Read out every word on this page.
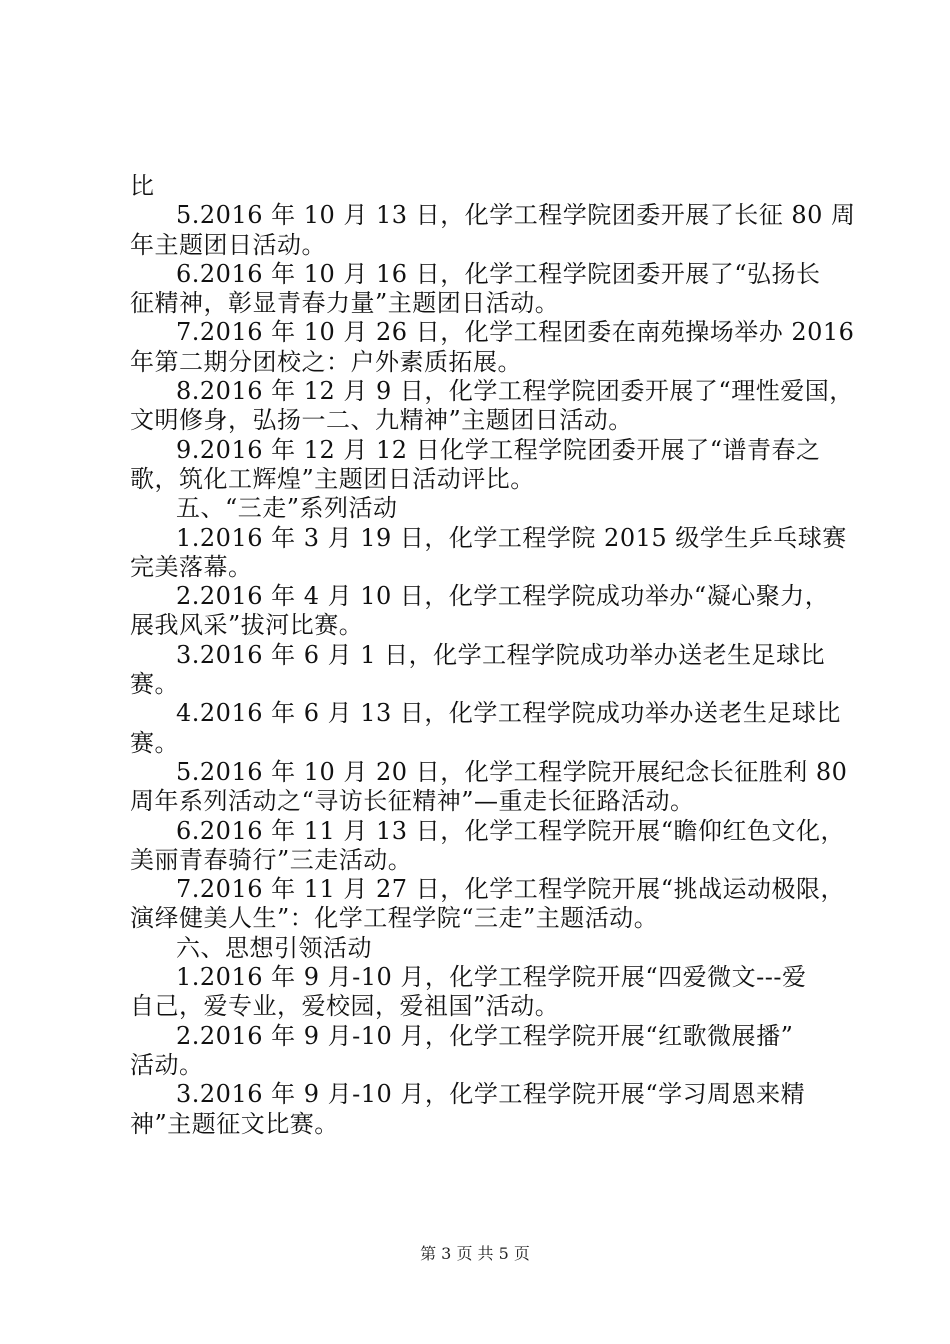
比
5.2016 年 10 月 13 日，化学工程学院团委开展了长征 80 周
年主题团日活动。
6.2016 年 10 月 16 日，化学工程学院团委开展了“弘扬长
征精神，彰显青春力量”主题团日活动。
7.2016 年 10 月 26 日，化学工程团委在南苑操场举办 2016
年第二期分团校之：户外素质拓展。
8.2016 年 12 月 9 日，化学工程学院团委开展了“理性爱国，
文明修身，弘扬一二、九精神”主题团日活动。
9.2016 年 12 月 12 日化学工程学院团委开展了“谱青春之
歌，筑化工辉煌”主题团日活动评比。
五、“三走”系列活动
1.2016 年 3 月 19 日，化学工程学院 2015 级学生乒乓球赛
完美落幕。
2.2016 年 4 月 10 日，化学工程学院成功举办“凝心聚力，
展我风采”拔河比赛。
3.2016 年 6 月 1 日，化学工程学院成功举办送老生足球比
赛。
4.2016 年 6 月 13 日，化学工程学院成功举办送老生足球比
赛。
5.2016 年 10 月 20 日，化学工程学院开展纪念长征胜利 80
周年系列活动之“寻访长征精神”—重走长征路活动。
6.2016 年 11 月 13 日，化学工程学院开展“瞻仰红色文化，
美丽青春骑行”三走活动。
7.2016 年 11 月 27 日，化学工程学院开展“挑战运动极限，
演绎健美人生”：化学工程学院“三走”主题活动。
六、思想引领活动
1.2016 年 9 月-10 月，化学工程学院开展“四爱微文---爱
自己，爱专业，爱校园，爱祖国”活动。
2.2016 年 9 月-10 月，化学工程学院开展“红歌微展播”
活动。
3.2016 年 9 月-10 月，化学工程学院开展“学习周恩来精
神”主题征文比赛。
第 3 页 共 5 页
